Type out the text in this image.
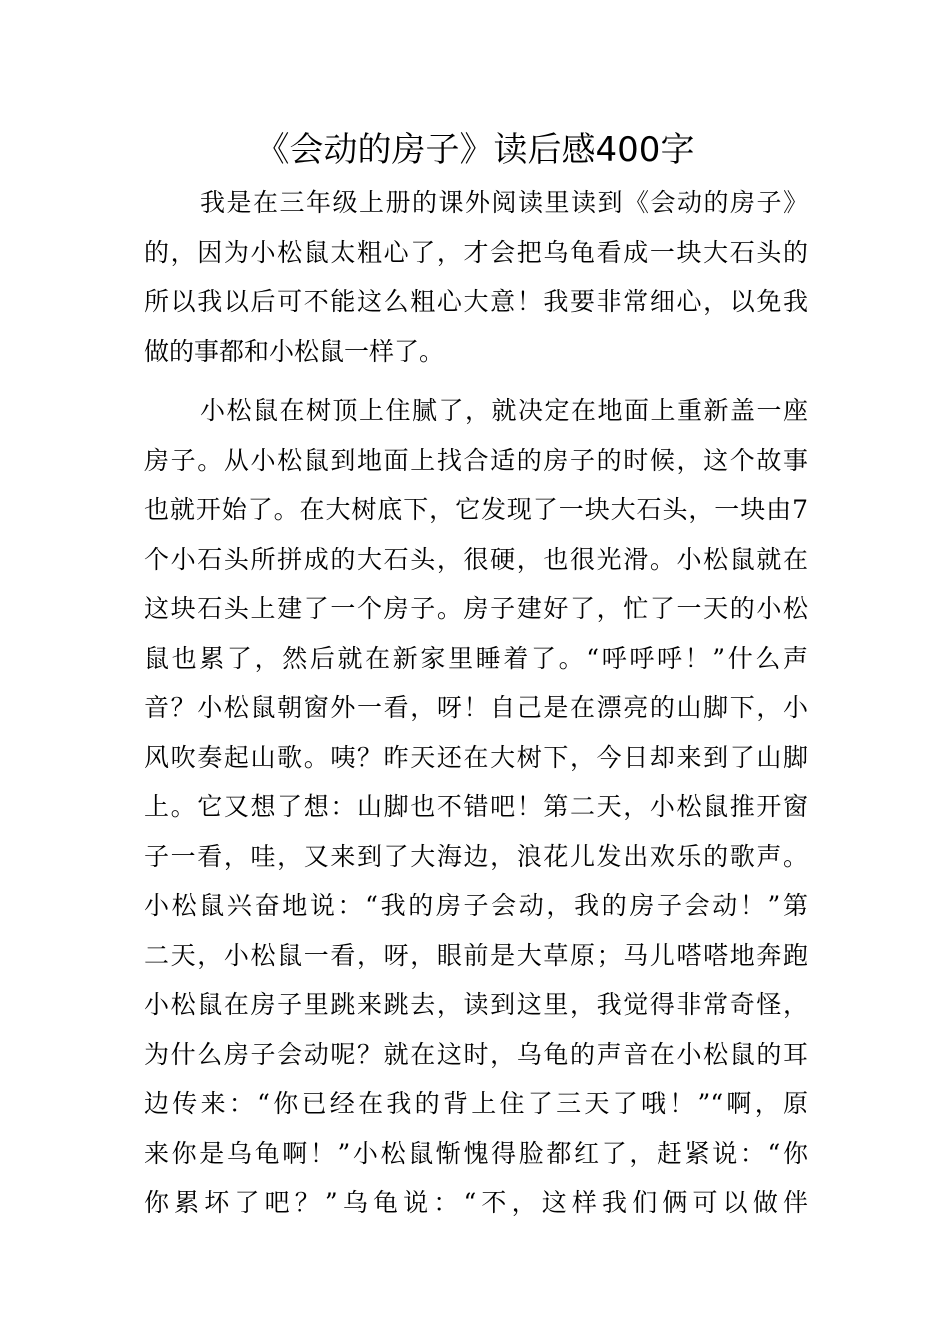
《会动的房子》读后感400字
我是在三年级上册的课外阅读里读到《会动的房子》
的，因为小松鼠太粗心了，才会把乌龟看成一块大石头的
所以我以后可不能这么粗心大意！我要非常细心，以免我
做的事都和小松鼠一样了。
小松鼠在树顶上住腻了，就决定在地面上重新盖一座
房子。从小松鼠到地面上找合适的房子的时候，这个故事
也就开始了。在大树底下，它发现了一块大石头，一块由7
个小石头所拼成的大石头，很硬，也很光滑。小松鼠就在
这块石头上建了一个房子。房子建好了，忙了一天的小松
鼠也累了，然后就在新家里睡着了。“呼呼呼！”什么声
音？小松鼠朝窗外一看，呀！自己是在漂亮的山脚下，小
风吹奏起山歌。咦？昨天还在大树下，今日却来到了山脚
上。它又想了想：山脚也不错吧！第二天，小松鼠推开窗
子一看，哇，又来到了大海边，浪花儿发出欢乐的歌声。
小松鼠兴奋地说：“我的房子会动，我的房子会动！”第
二天，小松鼠一看，呀，眼前是大草原；马儿嗒嗒地奔跑
小松鼠在房子里跳来跳去，读到这里，我觉得非常奇怪，
为什么房子会动呢？就在这时，乌龟的声音在小松鼠的耳
边传来：“你已经在我的背上住了三天了哦！”“啊，原
来你是乌龟啊！”小松鼠惭愧得脸都红了，赶紧说：“你
你累坏了吧？”乌龟说：“不，这样我们俩可以做伴
